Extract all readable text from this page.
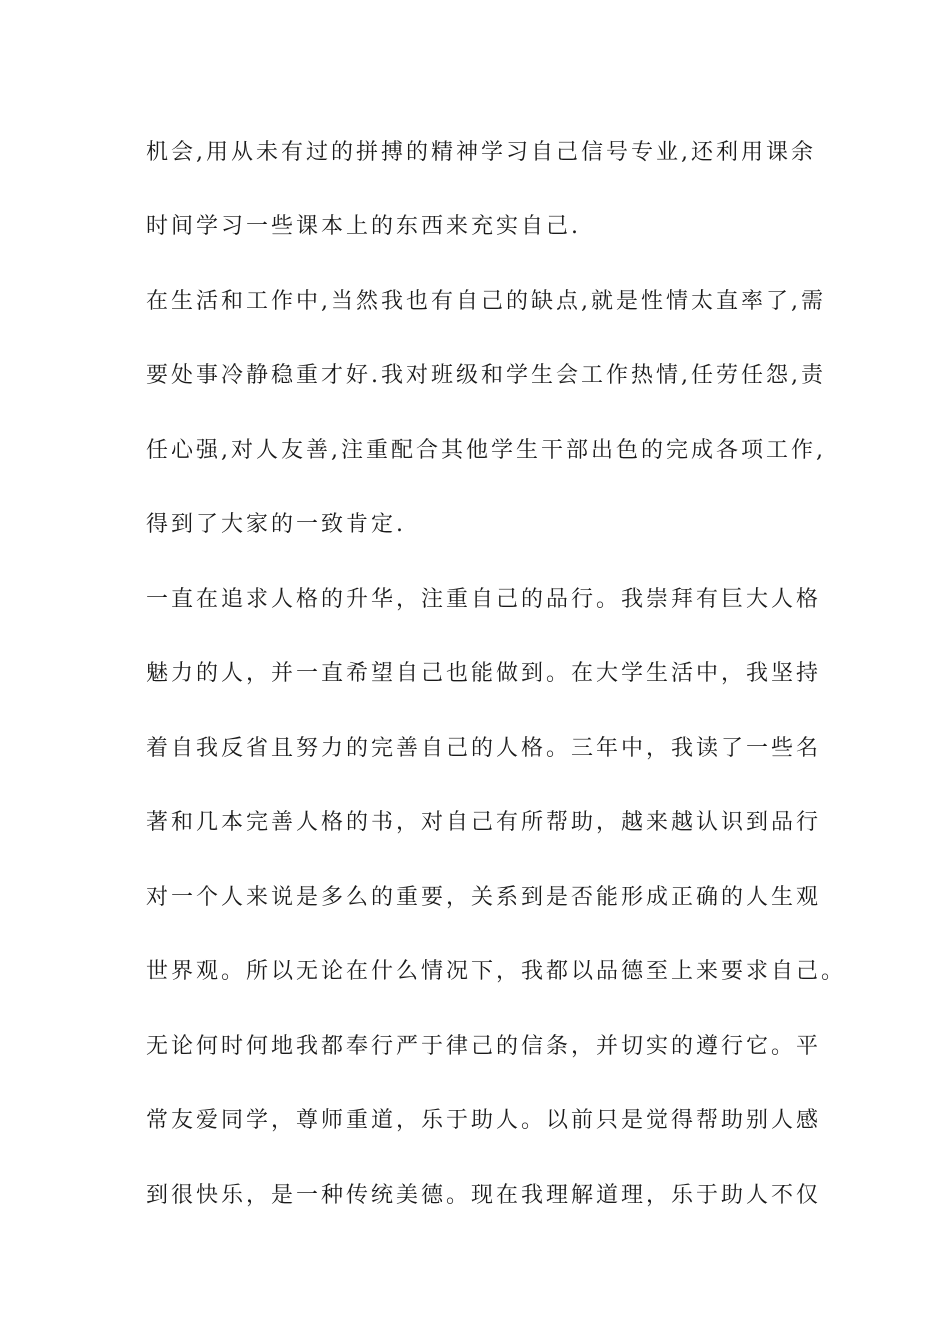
机会,用从未有过的拼搏的精神学习自己信号专业,还利用课余

时间学习一些课本上的东西来充实自己.

在生活和工作中,当然我也有自己的缺点,就是性情太直率了,需

要处事冷静稳重才好.我对班级和学生会工作热情,任劳任怨,责

任心强,对人友善,注重配合其他学生干部出色的完成各项工作,

得到了大家的一致肯定.

一直在追求人格的升华，注重自己的品行。我崇拜有巨大人格

魅力的人，并一直希望自己也能做到。在大学生活中，我坚持

着自我反省且努力的完善自己的人格。三年中，我读了一些名

著和几本完善人格的书，对自己有所帮助，越来越认识到品行

对一个人来说是多么的重要，关系到是否能形成正确的人生观

世界观。所以无论在什么情况下，我都以品德至上来要求自己。

无论何时何地我都奉行严于律己的信条，并切实的遵行它。平

常友爱同学，尊师重道，乐于助人。以前只是觉得帮助别人感

到很快乐，是一种传统美德。现在我理解道理，乐于助人不仅
